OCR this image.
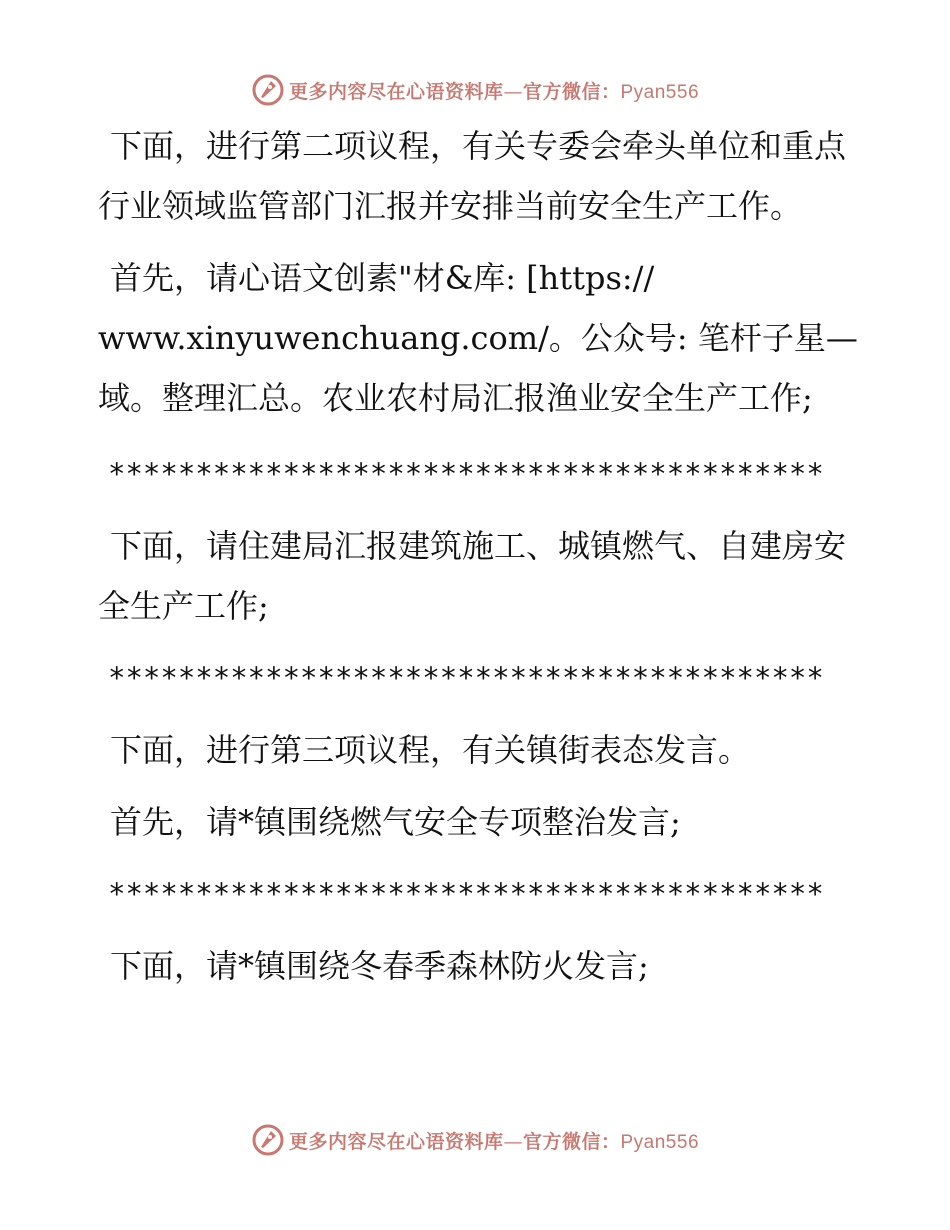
更多内容尽在心语资料库—官方微信：Pyan556

下面，进行第二项议程，有关专委会牵头单位和重点行业领域监管部门汇报并安排当前安全生产工作。

首先，请心语文创素"材&库: [https:// www.xinyuwenchuang.com/。公众号: 笔杆子星—域。整理汇总。农业农村局汇报渔业安全生产工作;

*****************************************

下面，请住建局汇报建筑施工、城镇燃气、自建房安全生产工作;

*****************************************

下面，进行第三项议程，有关镇街表态发言。

首先，请*镇围绕燃气安全专项整治发言;

*****************************************

下面，请*镇围绕冬春季森林防火发言;

更多内容尽在心语资料库—官方微信：Pyan556
